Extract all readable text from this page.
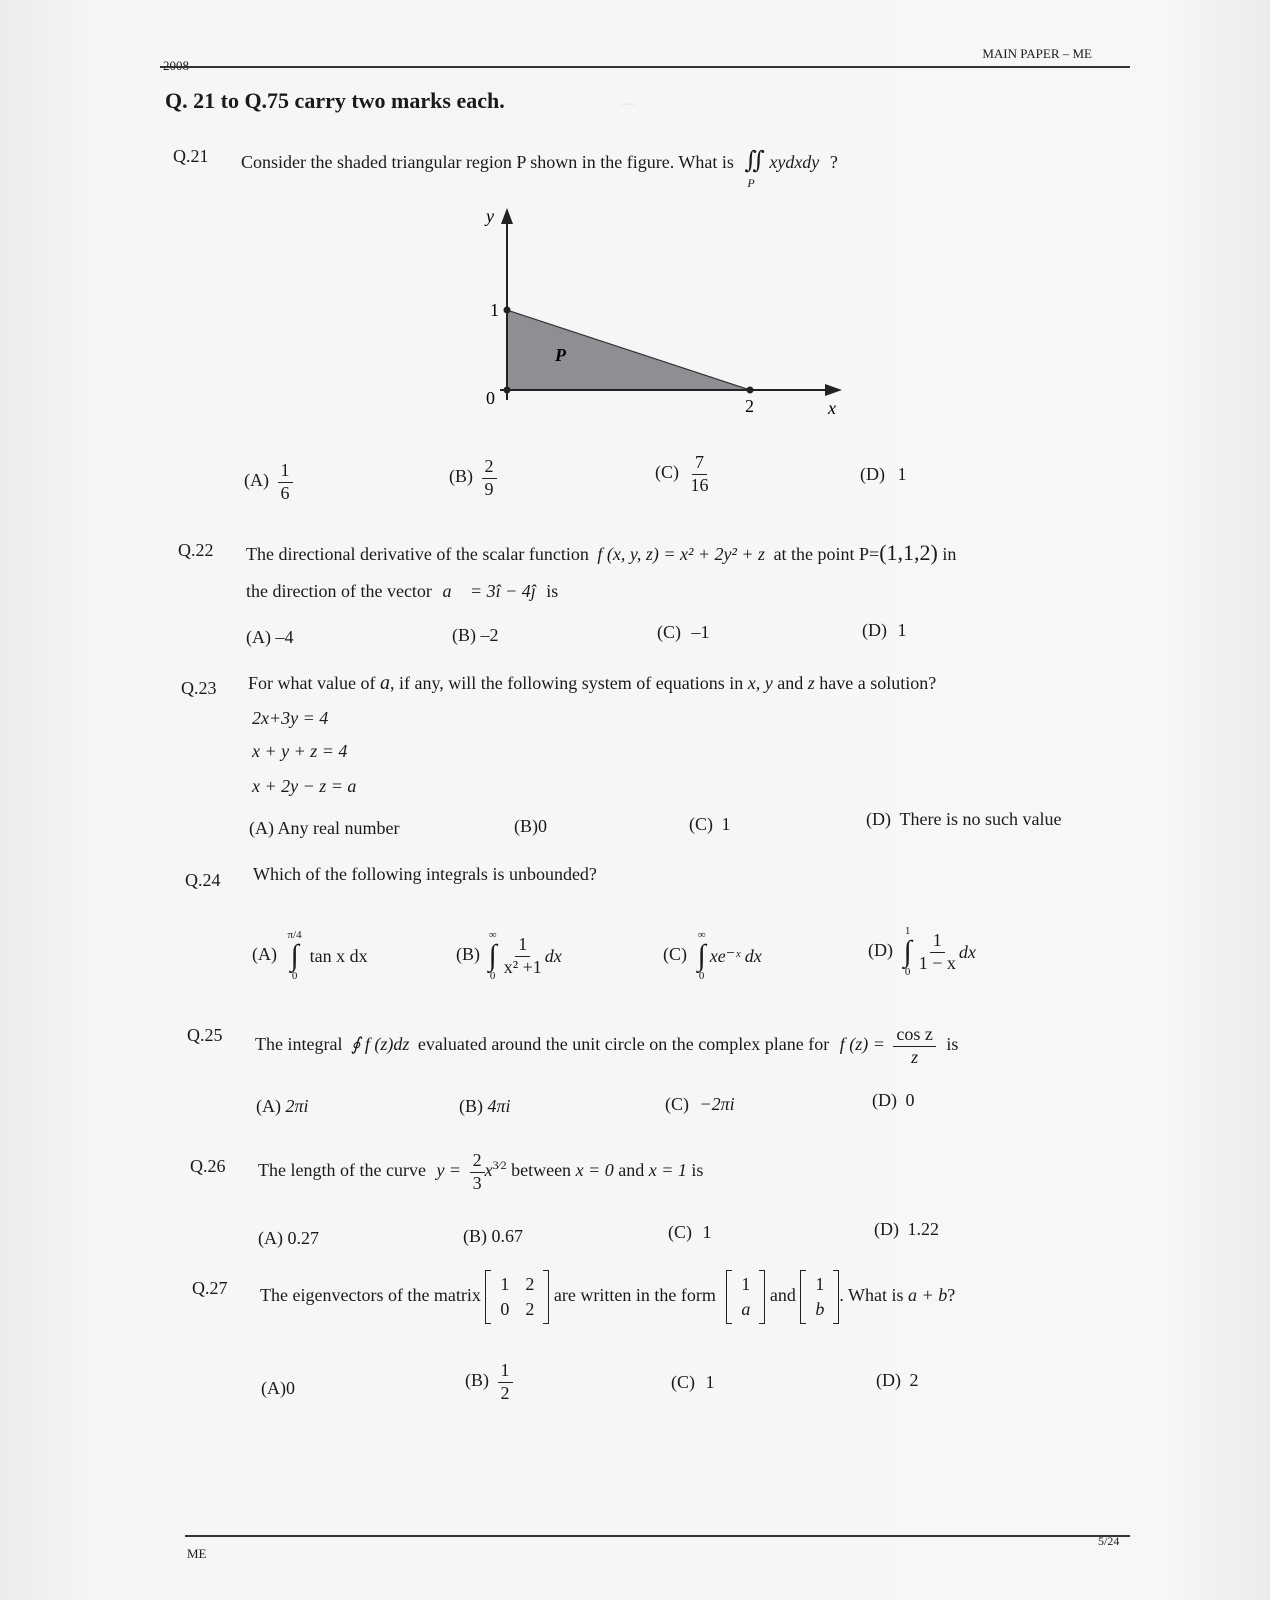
―
2008
MAIN PAPER – ME
Q. 21 to Q.75 carry two marks each.
Q.21 Consider the shaded triangular region P shown in the figure. What is ∬ xydxdy
P
?
y
x
1
2
0
P
$(A) \frac{1}{6}$	$(B) \frac{2}{9}$	$(C) \frac{7}{16}$	(D) 1
Q.22 The directional derivative of the scalar function f (x, y, z) = x² + 2y² + z at the point P=(1,1,2) in
the direction of the vector a⃗ = 3î − 4ĵ is
(A) –4	(B) –2	(C) –1	(D) 1
Q.23 For what value of a, if any, will the following system of equations in x, y and z have a solution?
2x+3y = 4
x + y + z = 4
x + 2y − z = a
(A) Any real number	(B)0	(C) 1	(D) There is no such value
Q.24 Which of the following integrals is unbounded?
(A)
π/4
∫
0
tan x dx	(B)
∞
∫
$0 \frac{1}{\text{x² +1}}$ dx	(C)
∞
∫
0
xe⁻ˣ dx	(D)
1
∫
$0 \frac{1}{1 - x}$ dx
Q.25 The integral ∮ f (z)dz evaluated around the unit circle on the complex plane for f $(z) = \frac{\text{cos z}}{z}$ is
(A) 2πi	(B) 4πi	(C) −2πi	(D) 0
Q.26 The length of the curve $y = \frac{2}{3} x^{3⁄2}$ between x = 0 and x = 1 is
(A) 0.27	(B) 0.67	(C) 1	(D) 1.22
Q.27 The eigenvectors of the matrix
1	2
0	2
are written in the form
1
a
and
1
b
. What is a + b?
(A)0	$(B) \frac{1}{2}$	(C) 1	(D) 2
ME
5/24
